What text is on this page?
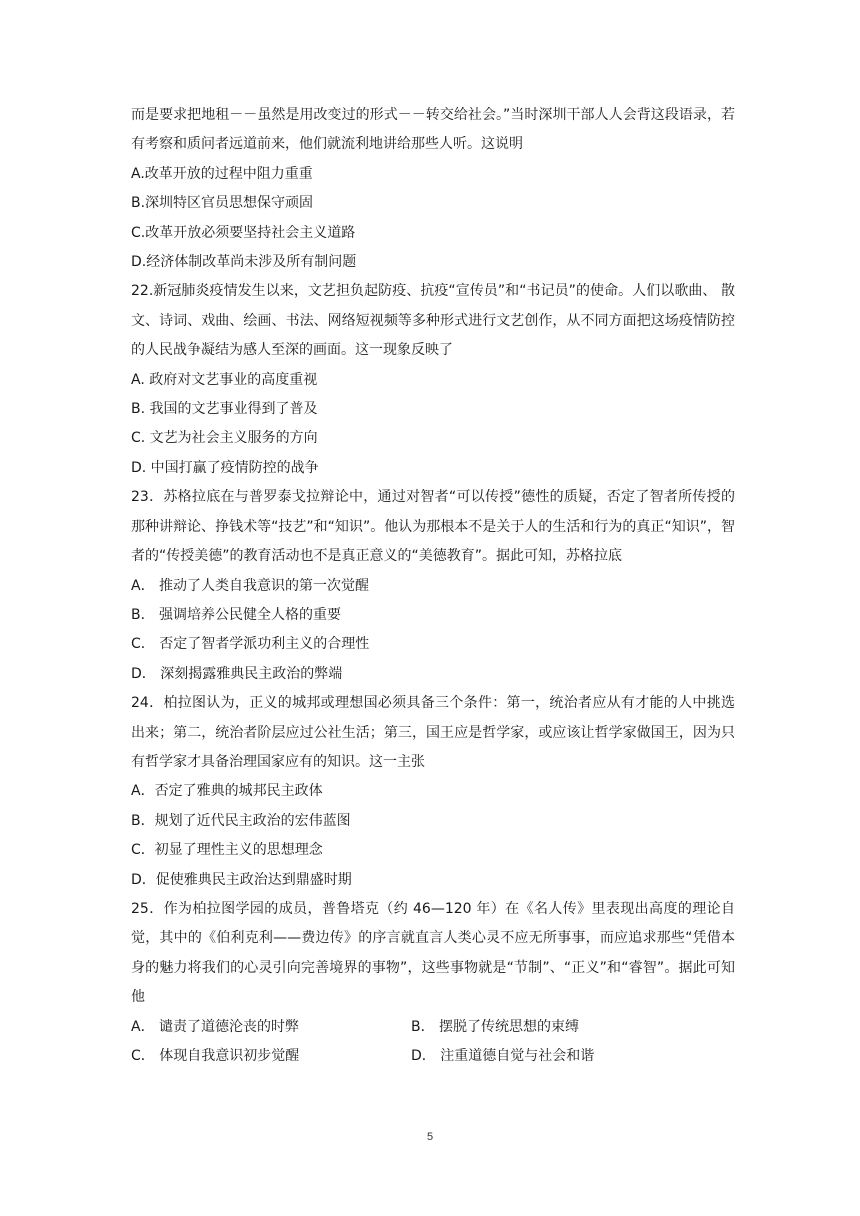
而是要求把地租－－虽然是用改变过的形式－－转交给社会。”当时深圳干部人人会背这段语录，若有考察和质问者远道前来，他们就流利地讲给那些人听。这说明

A.改革开放的过程中阻力重重

B.深圳特区官员思想保守顽固

C.改革开放必须要坚持社会主义道路

D.经济体制改革尚未涉及所有制问题

22.新冠肺炎疫情发生以来，文艺担负起防疫、抗疫“宣传员”和“书记员”的使命。人们以歌曲、 散文、诗词、戏曲、绘画、书法、网络短视频等多种形式进行文艺创作，从不同方面把这场疫情防控的人民战争凝结为感人至深的画面。这一现象反映了

A. 政府对文艺事业的高度重视

B. 我国的文艺事业得到了普及

C. 文艺为社会主义服务的方向

D. 中国打赢了疫情防控的战争

23．苏格拉底在与普罗泰戈拉辩论中，通过对智者“可以传授”德性的质疑，否定了智者所传授的那种讲辩论、挣钱术等“技艺”和“知识”。他认为那根本不是关于人的生活和行为的真正“知识”，智者的“传授美德”的教育活动也不是真正意义的“美德教育”。据此可知，苏格拉底

A． 推动了人类自我意识的第一次觉醒

B． 强调培养公民健全人格的重要

C． 否定了智者学派功利主义的合理性

D． 深刻揭露雅典民主政治的弊端

24．柏拉图认为，正义的城邦或理想国必须具备三个条件：第一，统治者应从有才能的人中挑选出来；第二，统治者阶层应过公社生活；第三，国王应是哲学家，或应该让哲学家做国王，因为只有哲学家才具备治理国家应有的知识。这一主张

A．否定了雅典的城邦民主政体

B．规划了近代民主政治的宏伟蓝图

C．初显了理性主义的思想理念

D．促使雅典民主政治达到鼎盛时期

25．作为柏拉图学园的成员，普鲁塔克（约 46—120 年）在《名人传》里表现出高度的理论自觉，其中的《伯利克利——费边传》的序言就直言人类心灵不应无所事事，而应追求那些“凭借本身的魅力将我们的心灵引向完善境界的事物”，这些事物就是“节制”、“正义”和“睿智”。据此可知他

A． 谴责了道德沦丧的时弊	B． 摆脱了传统思想的束缚
C． 体现自我意识初步觉醒	D． 注重道德自觉与社会和谐
5
